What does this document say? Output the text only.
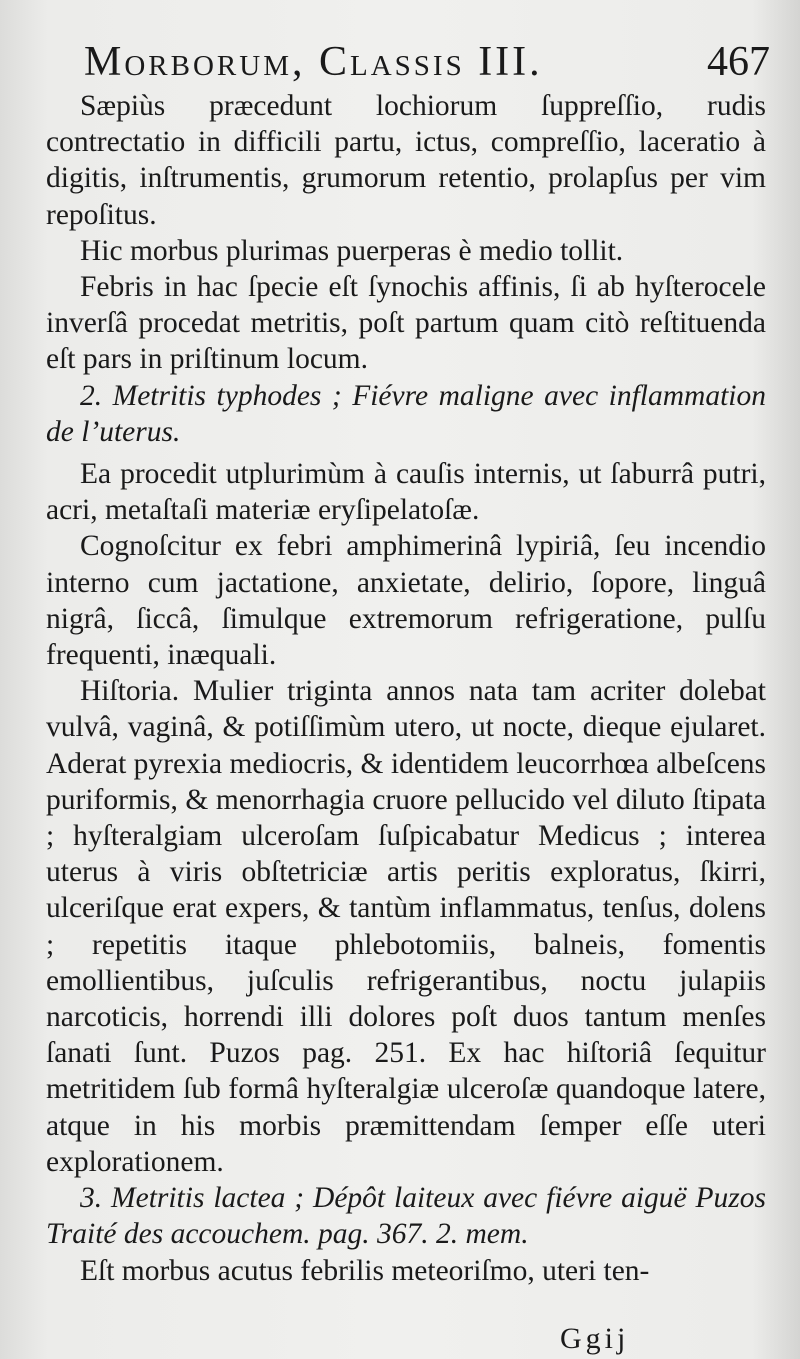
Morborum, Classis III.	467

Sæpiùs præcedunt lochiorum ſuppreſſio, rudis contrectatio in difficili partu, ictus, compreſſio, laceratio à digitis, inſtrumentis, grumorum retentio, prolapſus per vim repoſitus.

Hic morbus plurimas puerperas è medio tollit.

Febris in hac ſpecie eſt ſynochis affinis, ſi ab hyſterocele inverſâ procedat metritis, poſt partum quam citò reſtituenda eſt pars in priſtinum locum.

2. Metritis typhodes ; Fiévre maligne avec inflammation de l’uterus.

Ea procedit utplurimùm à cauſis internis, ut ſaburrâ putri, acri, metaſtaſi materiæ eryſipelatoſæ.

Cognoſcitur ex febri amphimerinâ lypiriâ, ſeu incendio interno cum jactatione, anxietate, delirio, ſopore, linguâ nigrâ, ſiccâ, ſimulque extremorum refrigeratione, pulſu frequenti, inæquali.

Hiſtoria. Mulier triginta annos nata tam acriter dolebat vulvâ, vaginâ, & potiſſimùm utero, ut nocte, dieque ejularet. Aderat pyrexia mediocris, & identidem leucorrhœa albeſcens puriformis, & menorrhagia cruore pellucido vel diluto ſtipata ; hyſteralgiam ulceroſam ſuſpicabatur Medicus ; interea uterus à viris obſtetriciæ artis peritis exploratus, ſkirri, ulceriſque erat expers, & tantùm inflammatus, tenſus, dolens ; repetitis itaque phlebotomiis, balneis, fomentis emollientibus, juſculis refrigerantibus, noctu julapiis narcoticis, horrendi illi dolores poſt duos tantum menſes ſanati ſunt. Puzos pag. 251. Ex hac hiſtoriâ ſequitur metritidem ſub formâ hyſteralgiæ ulceroſæ quandoque latere, atque in his morbis præmittendam ſemper eſſe uteri explorationem.

3. Metritis lactea ; Dépôt laiteux avec fiévre aiguë Puzos Traité des accouchem. pag. 367. 2. mem.

Eſt morbus acutus febrilis meteoriſmo, uteri ten-

Ggij
